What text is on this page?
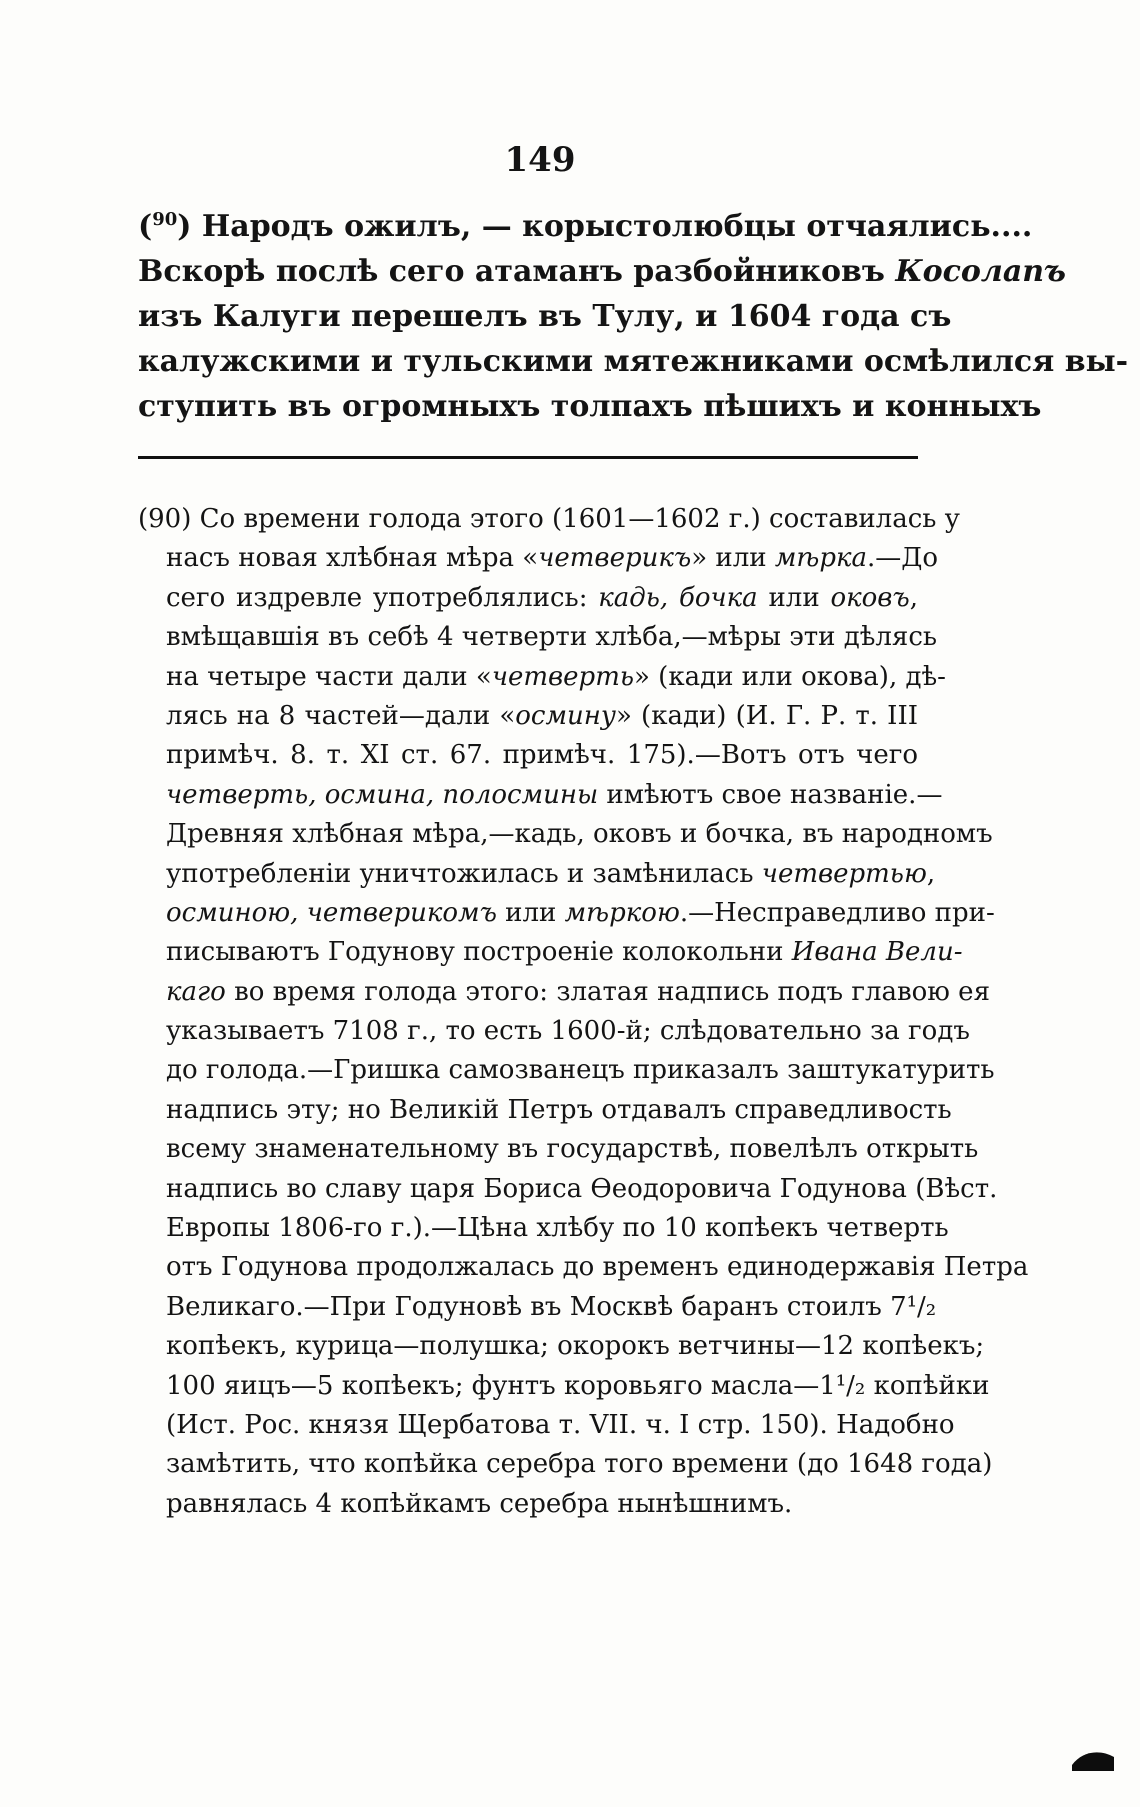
149
($^{90}$) Народъ ожилъ, — корыстолюбцы отчаялись....
Вскорѣ послѣ сего атаманъ разбойниковъ Косолапъ
изъ Калуги перешелъ въ Тулу, и 1604 года съ
калужскими и тульскими мятежниками осмѣлился вы-
ступить въ огромныхъ толпахъ пѣшихъ и конныхъ
(90) Со времени голода этого (1601—1602 г.) составилась у
насъ новая хлѣбная мѣра «четверикъ» или мѣрка.—До
сего издревле употреблялись: кадь, бочка или оковъ,
вмѣщавшія въ себѣ 4 четверти хлѣба,—мѣры эти дѣлясь
на четыре части дали «четверть» (кади или окова), дѣ-
лясь на 8 частей—дали «осмину» (кади) (И. Г. Р. т. III
примѣч. 8. т. XI ст. 67. примѣч. 175).—Вотъ отъ чего
четверть, осмина, полосмины имѣютъ свое названіе.—
Древняя хлѣбная мѣра,—кадь, оковъ и бочка, въ народномъ
употребленіи уничтожилась и замѣнилась четвертью,
осминою, четверикомъ или мѣркою.—Несправедливо при-
писываютъ Годунову построеніе колокольни Ивана Вели-
каго во время голода этого: златая надпись подъ главою ея
указываетъ 7108 г., то есть 1600-й; слѣдовательно за годъ
до голода.—Гришка самозванецъ приказалъ заштукатурить
надпись эту; но Великій Петръ отдавалъ справедливость
всему знаменательному въ государствѣ, повелѣлъ открыть
надпись во славу царя Бориса Ѳеодоровича Годунова (Вѣст.
Европы 1806-го г.).—Цѣна хлѣбу по 10 копѣекъ четверть
отъ Годунова продолжалась до временъ единодержавія Петра
Великаго.—При Годуновѣ въ Москвѣ баранъ стоилъ 7¹/₂
копѣекъ, курица—полушка; окорокъ ветчины—12 копѣекъ;
100 яицъ—5 копѣекъ; фунтъ коровьяго масла—1¹/₂ копѣйки
(Ист. Рос. князя Щербатова т. VII. ч. I стр. 150). Надобно
замѣтить, что копѣйка серебра того времени (до 1648 года)
равнялась 4 копѣйкамъ серебра нынѣшнимъ.
